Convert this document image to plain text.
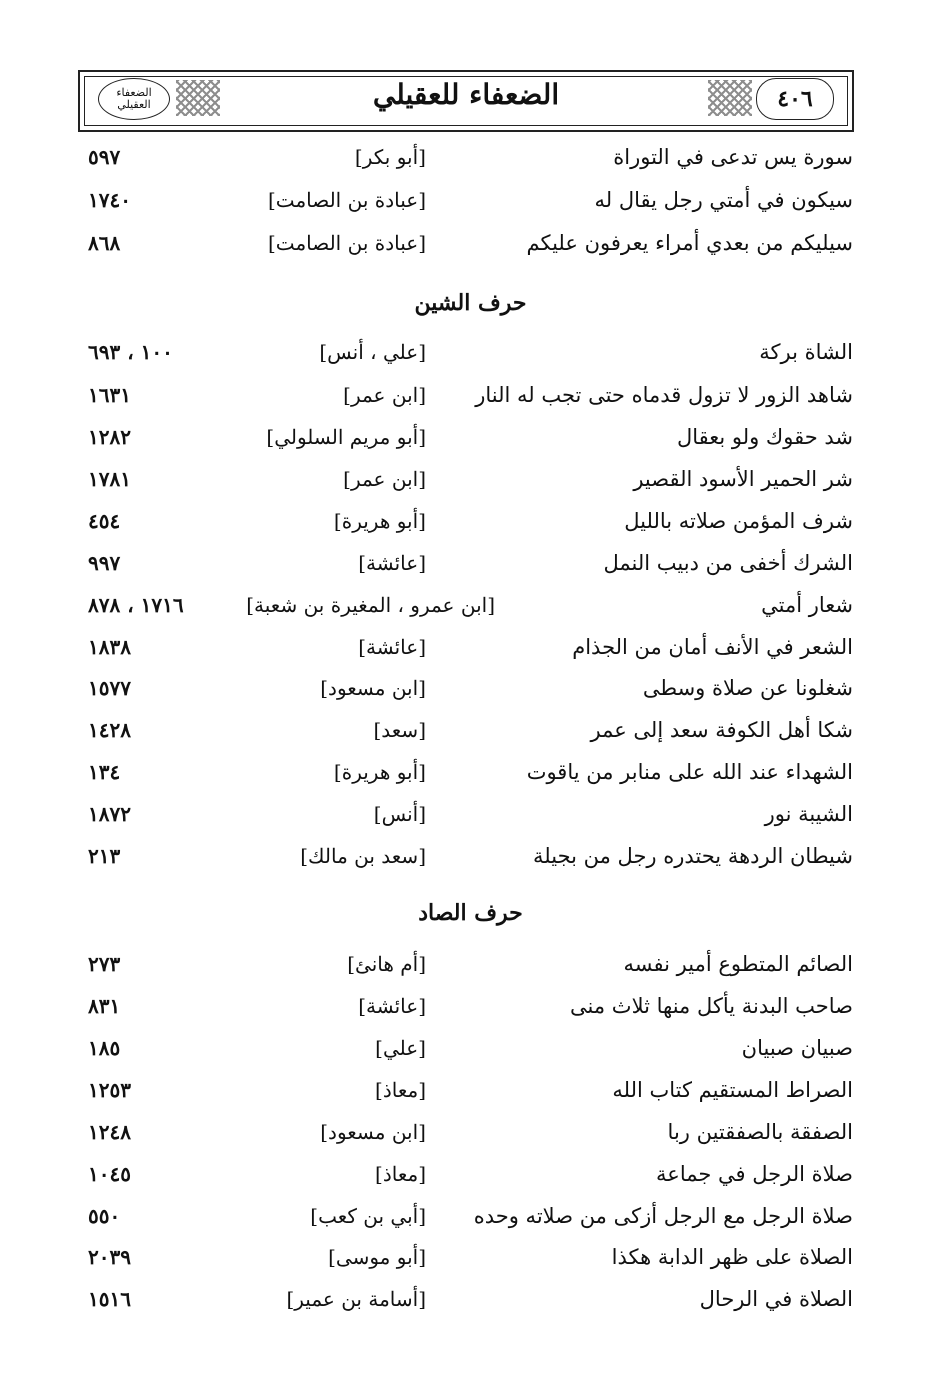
الضعفاء العقيلي	الضعفاء للعقيلي	٤٠٦
سورة يس تدعى في التوراة
[أبو بكر]
٥٩٧
سيكون في أمتي رجل يقال له
[عبادة بن الصامت]
١٧٤٠
سيليكم من بعدي أمراء يعرفون عليكم
[عبادة بن الصامت]
٨٦٨
حرف الشين
الشاة بركة
[علي ، أنس]
١٠٠ ، ٦٩٣
شاهد الزور لا تزول قدماه حتى تجب له النار
[ابن عمر]
١٦٣١
شد حقوك ولو بعقال
[أبو مريم السلولي]
١٢٨٢
شر الحمير الأسود القصير
[ابن عمر]
١٧٨١
شرف المؤمن صلاته بالليل
[أبو هريرة]
٤٥٤
الشرك أخفى من دبيب النمل
[عائشة]
٩٩٧
شعار أمتي
[ابن عمرو ، المغيرة بن شعبة]
١٧١٦ ، ٨٧٨
الشعر في الأنف أمان من الجذام
[عائشة]
١٨٣٨
شغلونا عن صلاة وسطى
[ابن مسعود]
١٥٧٧
شكا أهل الكوفة سعد إلى عمر
[سعد]
١٤٢٨
الشهداء عند الله على منابر من ياقوت
[أبو هريرة]
١٣٤
الشيبة نور
[أنس]
١٨٧٢
شيطان الردهة يحتدره رجل من بجيلة
[سعد بن مالك]
٢١٣
حرف الصاد
الصائم المتطوع أمير نفسه
[أم هانئ]
٢٧٣
صاحب البدنة يأكل منها ثلاث منى
[عائشة]
٨٣١
صبيان صبيان
[علي]
١٨٥
الصراط المستقيم كتاب الله
[معاذ]
١٢٥٣
الصفقة بالصفقتين ربا
[ابن مسعود]
١٢٤٨
صلاة الرجل في جماعة
[معاذ]
١٠٤٥
صلاة الرجل مع الرجل أزكى من صلاته وحده
[أبي بن كعب]
٥٥٠
الصلاة على ظهر الدابة هكذا
[أبو موسى]
٢٠٣٩
الصلاة في الرحال
[أسامة بن عمير]
١٥١٦
